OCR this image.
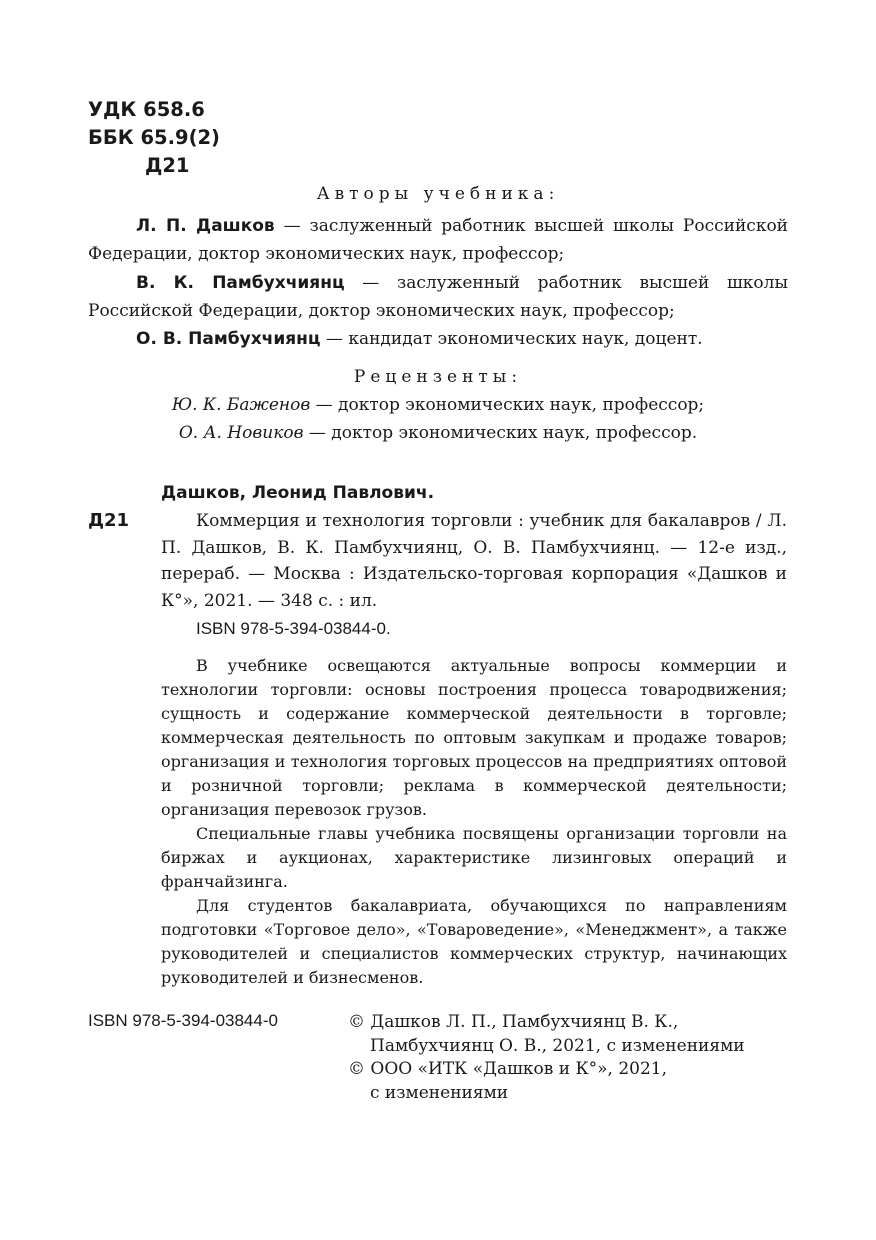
УДК 658.6
ББК 65.9(2)
Д21
Авторы учебника:
Л. П. Дашков — заслуженный работник высшей школы Российской Федерации, доктор экономических наук, профессор;
В. К. Памбухчиянц — заслуженный работник высшей школы Российской Федерации, доктор экономических наук, профессор;
О. В. Памбухчиянц — кандидат экономических наук, доцент.
Рецензенты:
Ю. К. Баженов — доктор экономических наук, профессор;
О. А. Новиков — доктор экономических наук, профессор.
Дашков, Леонид Павлович.
Д21	Коммерция и технология торговли : учебник для бакалавров / Л. П. Дашков, В. К. Памбухчиянц, О. В. Памбухчиянц. — 12-е изд., перераб. — Москва : Издательско-торговая корпорация «Дашков и К°», 2021. — 348 с. : ил.
ISBN 978-5-394-03844-0.

В учебнике освещаются актуальные вопросы коммерции и технологии торговли: основы построения процесса товародвижения; сущность и содержание коммерческой деятельности в торговле; коммерческая деятельность по оптовым закупкам и продаже товаров; организация и технология торговых процессов на предприятиях оптовой и розничной торговли; реклама в коммерческой деятельности; организация перевозок грузов.

Специальные главы учебника посвящены организации торговли на биржах и аукционах, характеристике лизинговых операций и франчайзинга.

Для студентов бакалавриата, обучающихся по направлениям подготовки «Торговое дело», «Товароведение», «Менеджмент», а также руководителей и специалистов коммерческих структур, начинающих руководителей и бизнесменов.

ISBN 978-5-394-03844-0	© Дашков Л. П., Памбухчиянц В. К.,
Памбухчиянц О. В., 2021, с изменениями
© ООО «ИТК «Дашков и К°», 2021,
с изменениями
